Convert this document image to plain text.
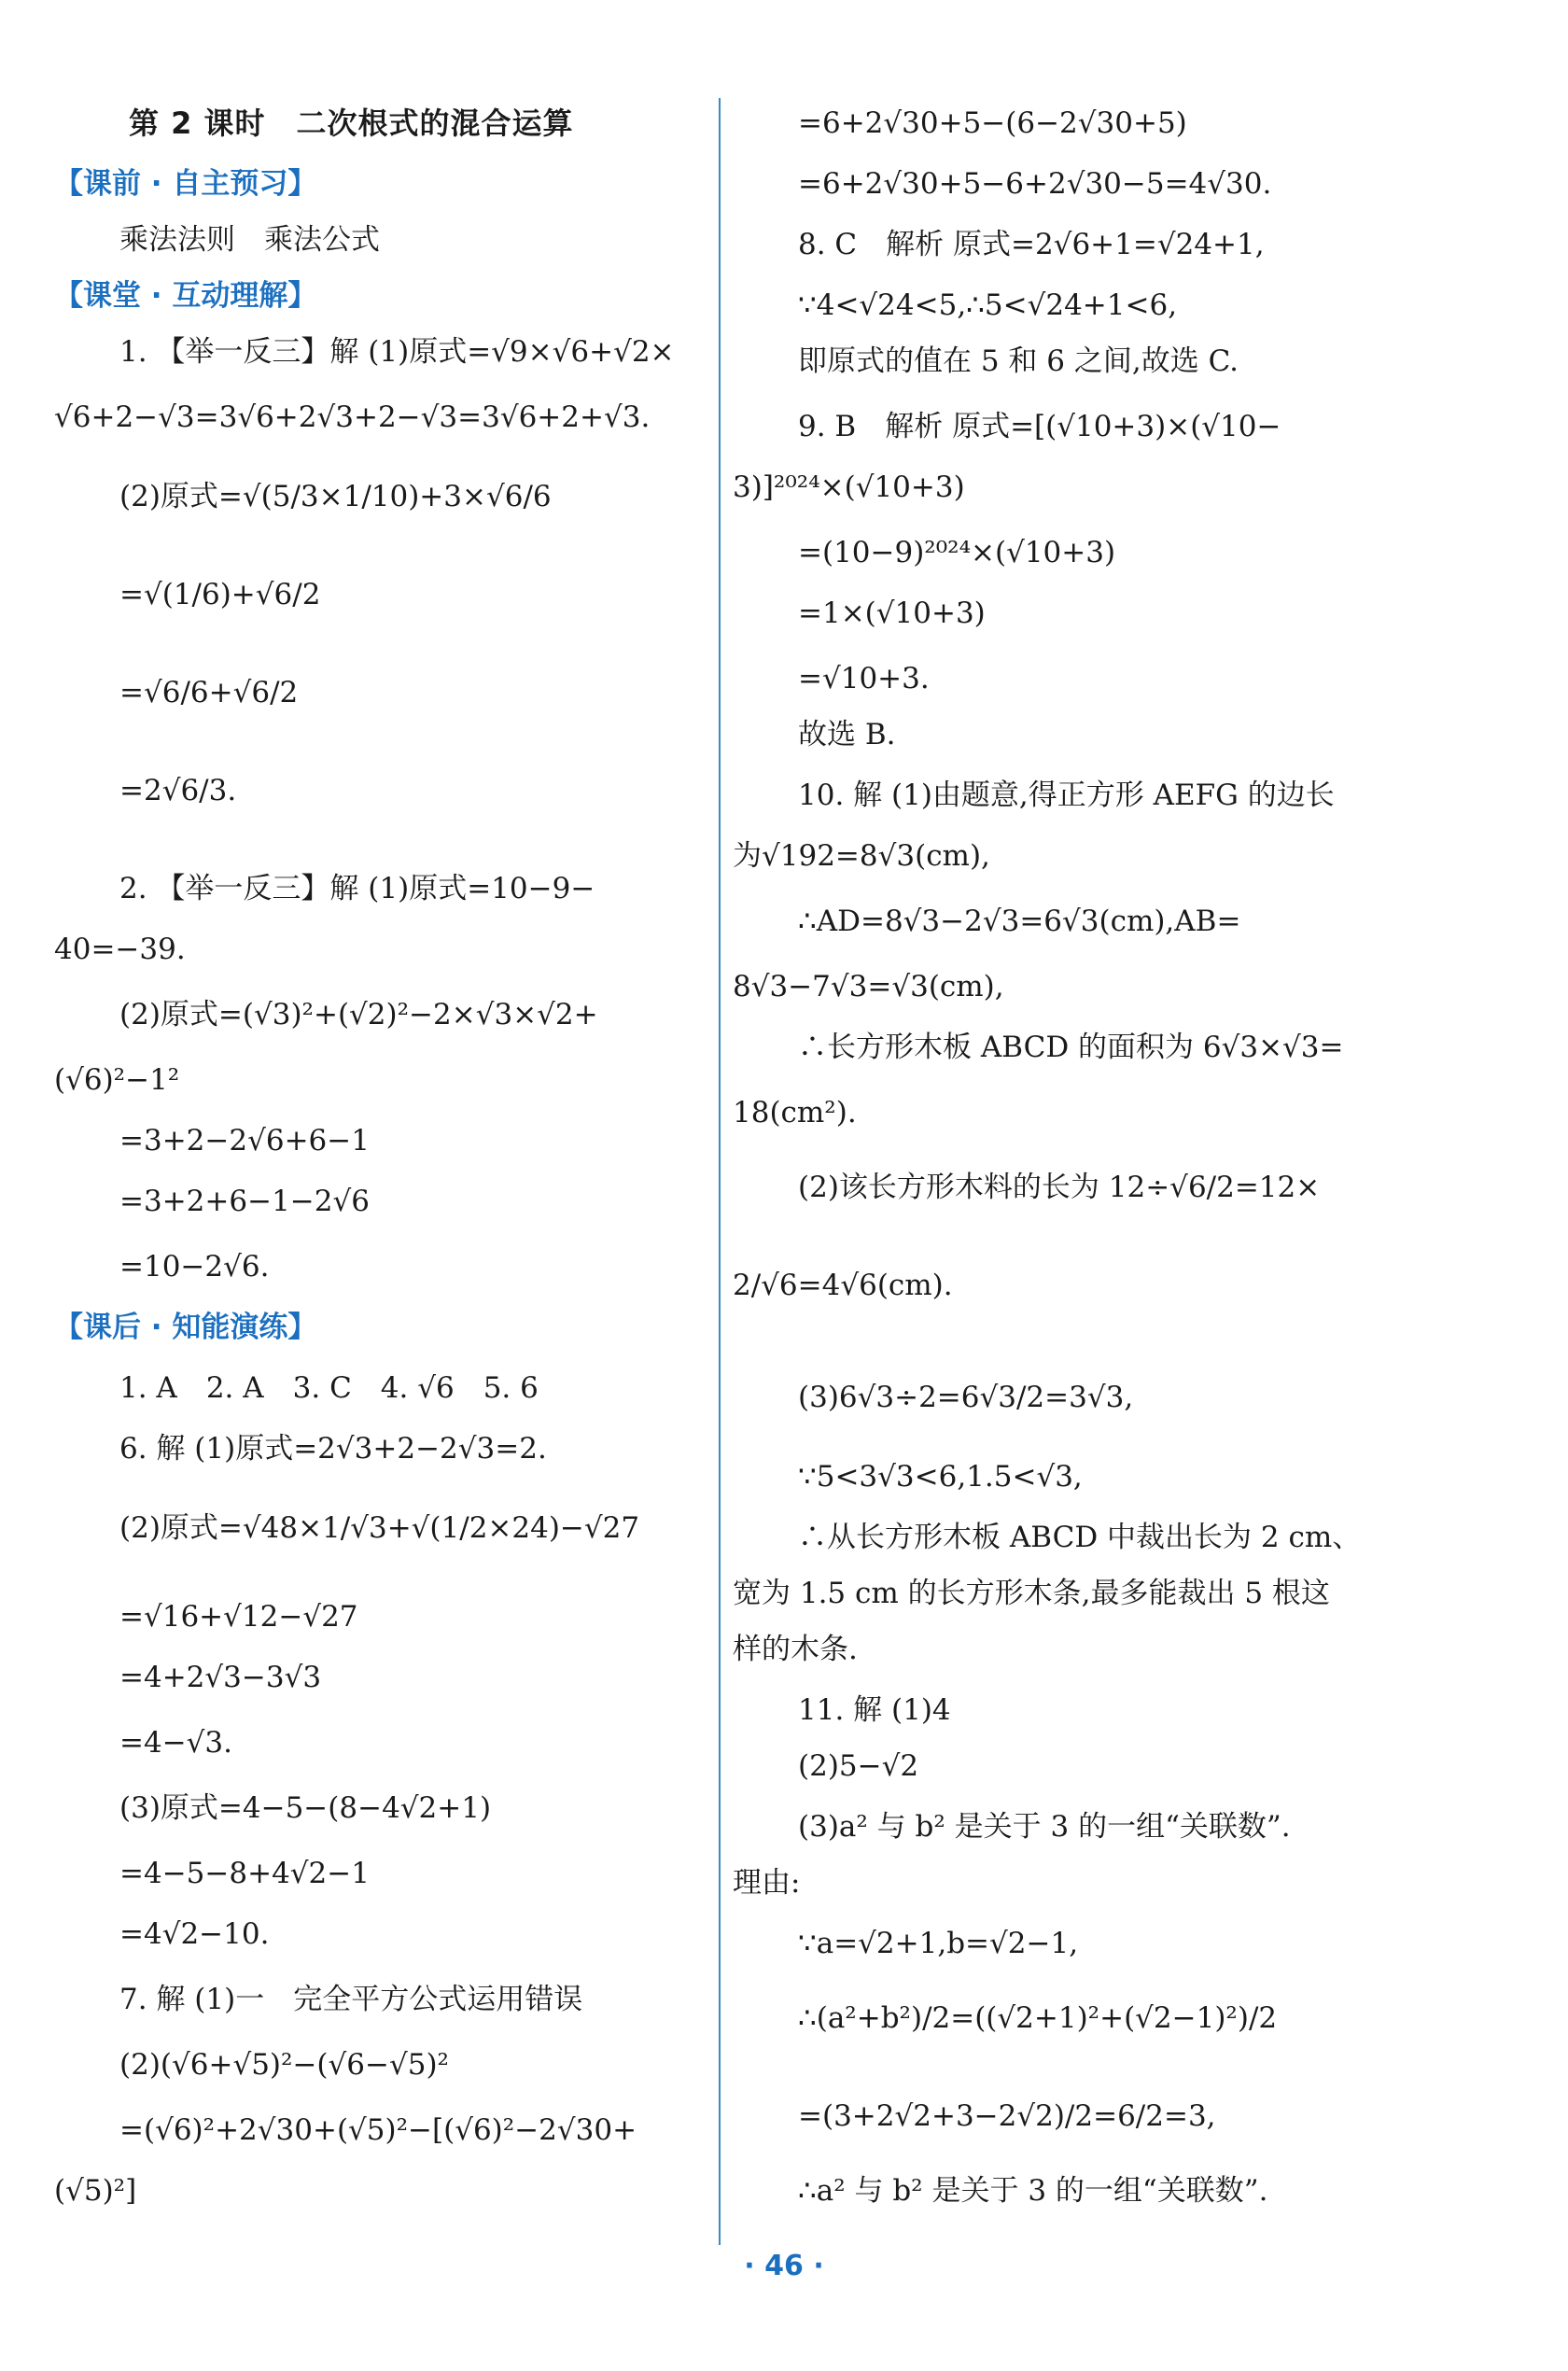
第 2 课时　二次根式的混合运算
【课前 · 自主预习】
乘法法则　乘法公式
【课堂 · 互动理解】
1. 【举一反三】解 (1)原式=√9×√6+√2×
√6+2−√3=3√6+2√3+2−√3=3√6+2+√3.
(2)原式=√(5/3×1/10)+3×√6/6
=√(1/6)+√6/2
=√6/6+√6/2
=2√6/3.
2. 【举一反三】解 (1)原式=10−9−
40=−39.
(2)原式=(√3)²+(√2)²−2×√3×√2+
(√6)²−1²
=3+2−2√6+6−1
=3+2+6−1−2√6
=10−2√6.
【课后 · 知能演练】
1. A　2. A　3. C　4. √6　5. 6
6. 解 (1)原式=2√3+2−2√3=2.
(2)原式=√48×1/√3+√(1/2×24)−√27
=√16+√12−√27
=4+2√3−3√3
=4−√3.
(3)原式=4−5−(8−4√2+1)
=4−5−8+4√2−1
=4√2−10.
7. 解 (1)一　完全平方公式运用错误
(2)(√6+√5)²−(√6−√5)²
=(√6)²+2√30+(√5)²−[(√6)²−2√30+
(√5)²]
=6+2√30+5−(6−2√30+5)
=6+2√30+5−6+2√30−5=4√30.
8. C　解析 原式=2√6+1=√24+1,
∵4<√24<5,∴5<√24+1<6,
即原式的值在 5 和 6 之间,故选 C.
9. B　解析 原式=[(√10+3)×(√10−
3)]²⁰²⁴×(√10+3)
=(10−9)²⁰²⁴×(√10+3)
=1×(√10+3)
=√10+3.
故选 B.
10. 解 (1)由题意,得正方形 AEFG 的边长
为√192=8√3(cm),
∴AD=8√3−2√3=6√3(cm),AB=
8√3−7√3=√3(cm),
∴长方形木板 ABCD 的面积为 6√3×√3=
18(cm²).
(2)该长方形木料的长为 12÷√6/2=12×
2/√6=4√6(cm).
(3)6√3÷2=6√3/2=3√3,
∵5<3√3<6,1.5<√3,
∴从长方形木板 ABCD 中裁出长为 2 cm、
宽为 1.5 cm 的长方形木条,最多能裁出 5 根这
样的木条.
11. 解 (1)4
(2)5−√2
(3)a² 与 b² 是关于 3 的一组“关联数”.
理由:
∵a=√2+1,b=√2−1,
∴(a²+b²)/2=((√2+1)²+(√2−1)²)/2
=(3+2√2+3−2√2)/2=6/2=3,
∴a² 与 b² 是关于 3 的一组“关联数”.
· 46 ·
